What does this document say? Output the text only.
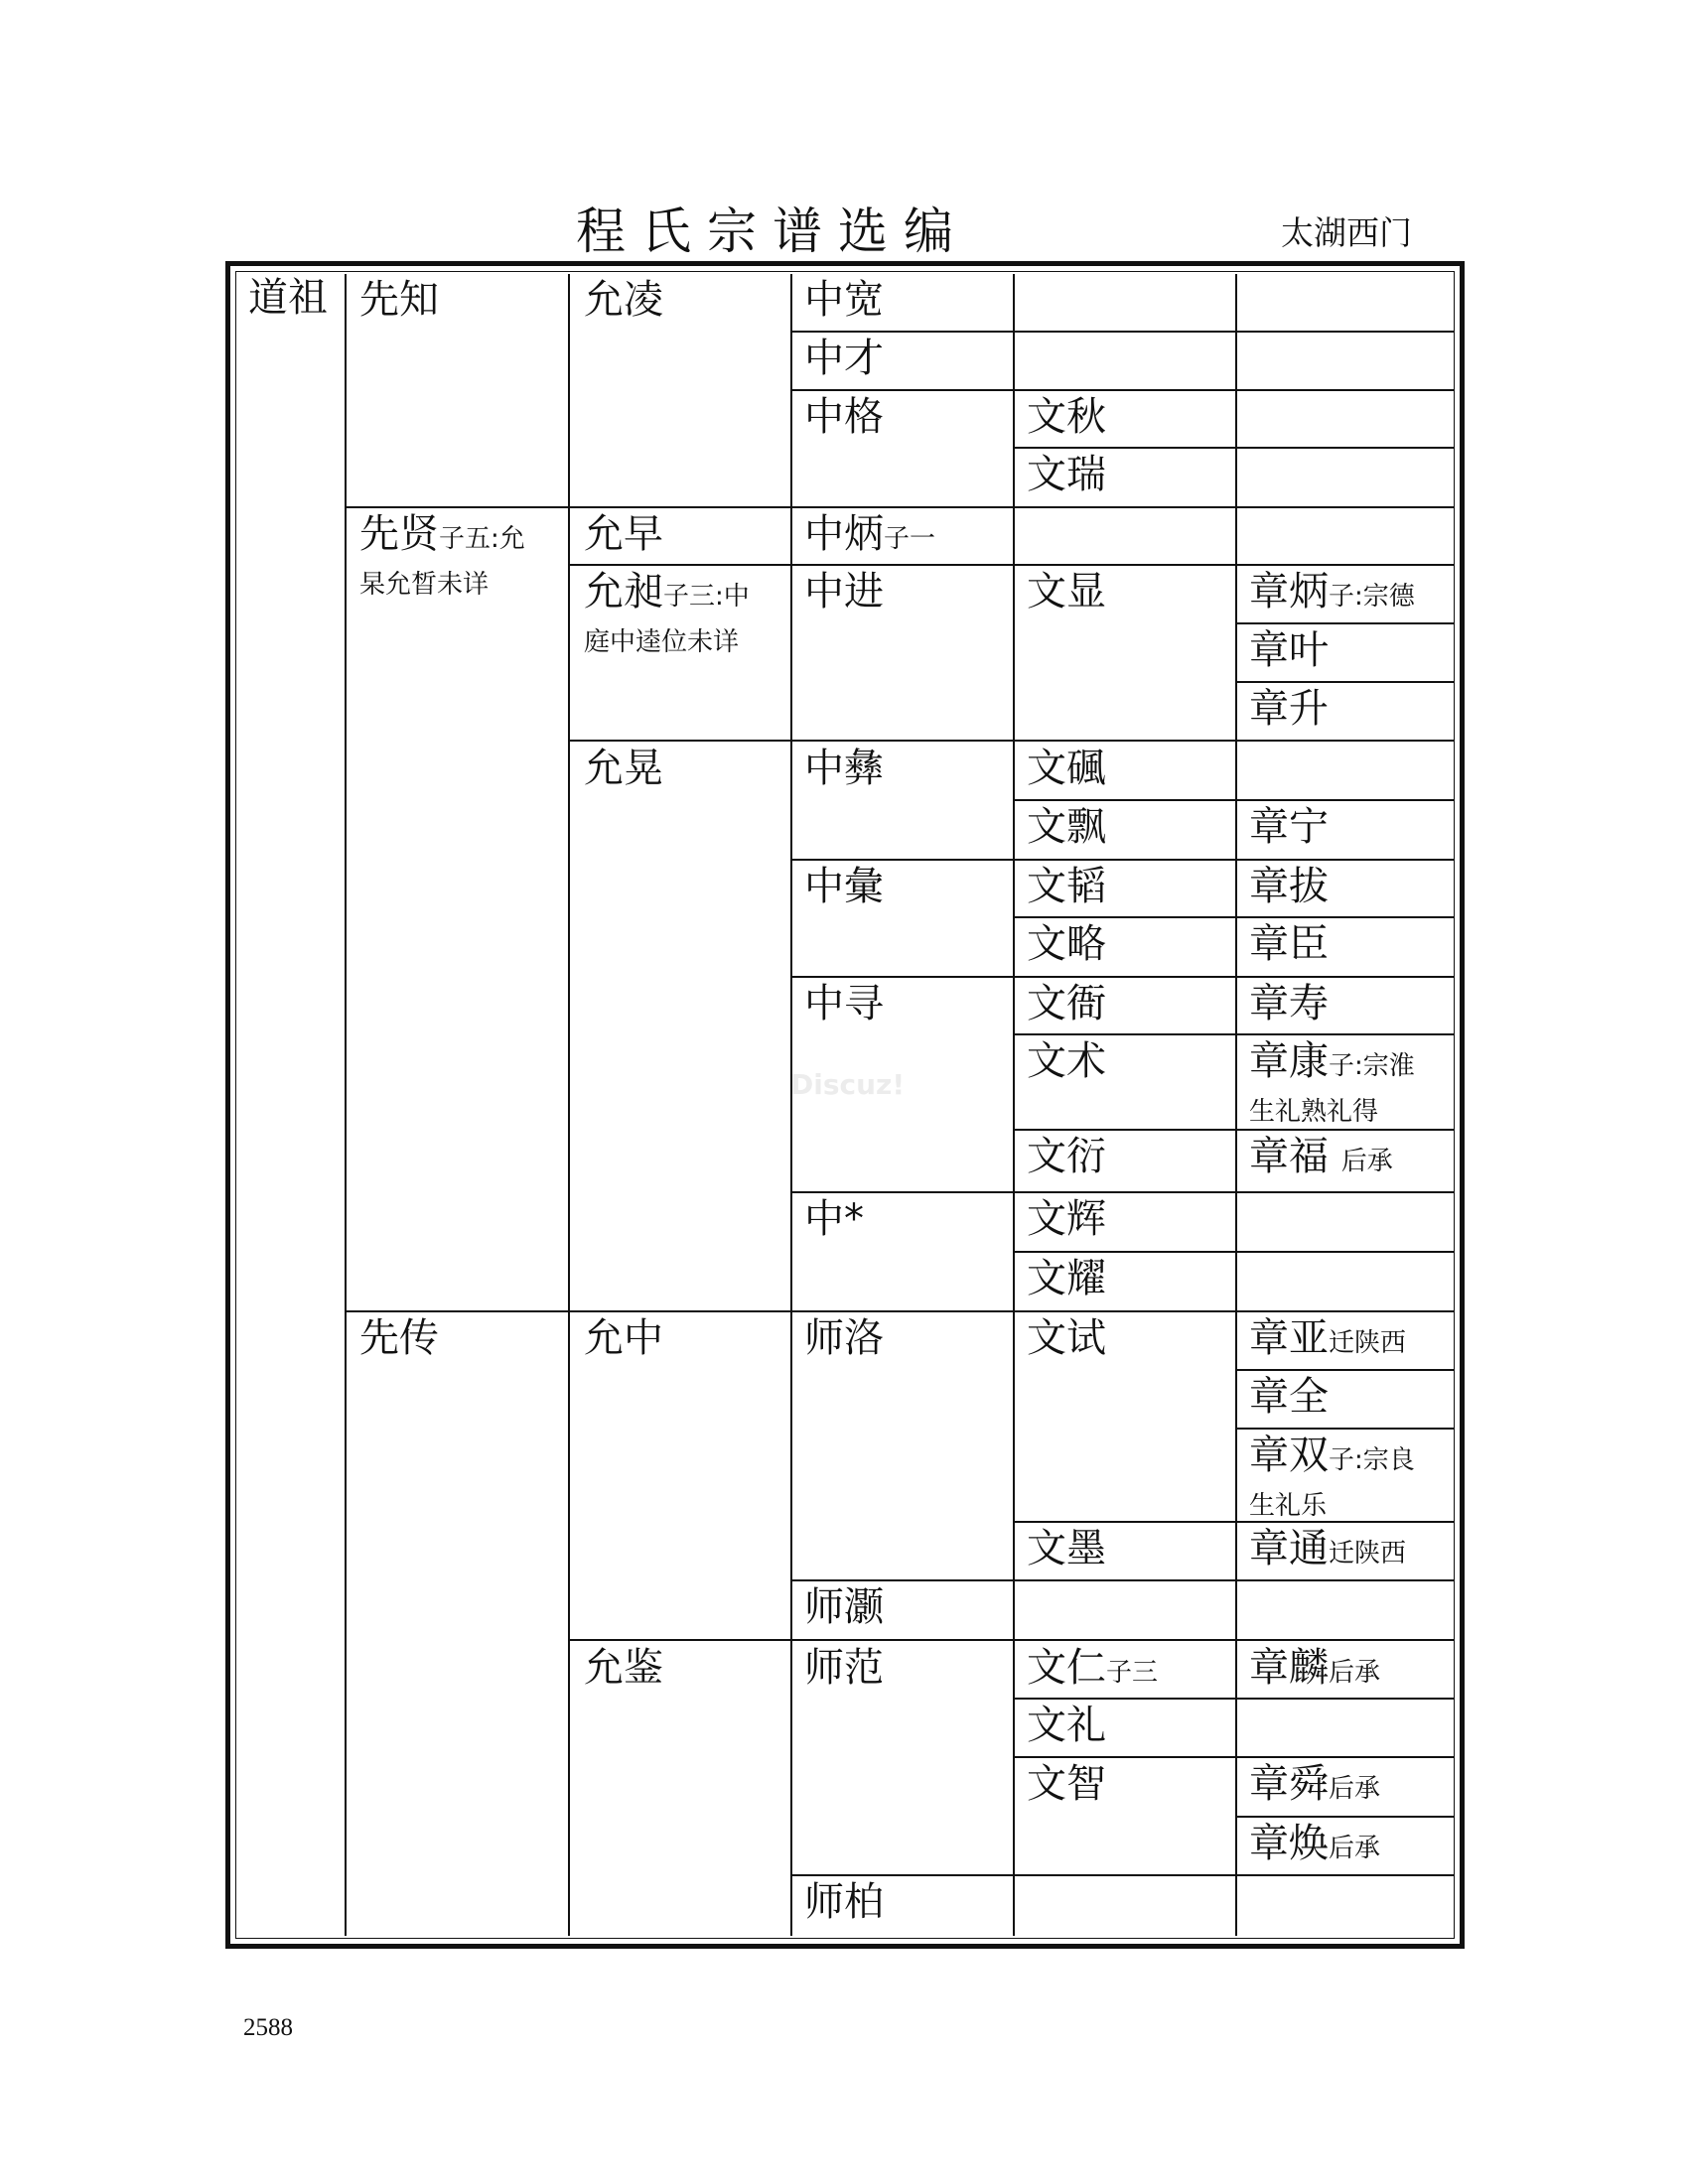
程氏宗谱选编	太湖西门
道祖 先知
先贤子五:允
杲允晳未详
先传
允凌
允早
允昶子三:中
庭中逵位未详
允晃
允中
允鉴
中宽
中才
中格
中炳子一
中进
中彝
中彙
中寻
中*
师洛
师灏
师范
师柏
文秋
文瑞
文显
文碸
文飘
文韬
文略
文衙
文术
文衍
文辉
文耀
文试
文墨
文仁子三
文礼
文智
章炳子:宗德
章叶
章升
章宁
章拔
章臣
章寿
章康子:宗淮
生礼熟礼得
章福 后承
章亚迁陕西
章全
章双子:宗良
生礼乐
章通迁陕西
章麟后承
章舜后承
章焕后承
Discuz!
2588
